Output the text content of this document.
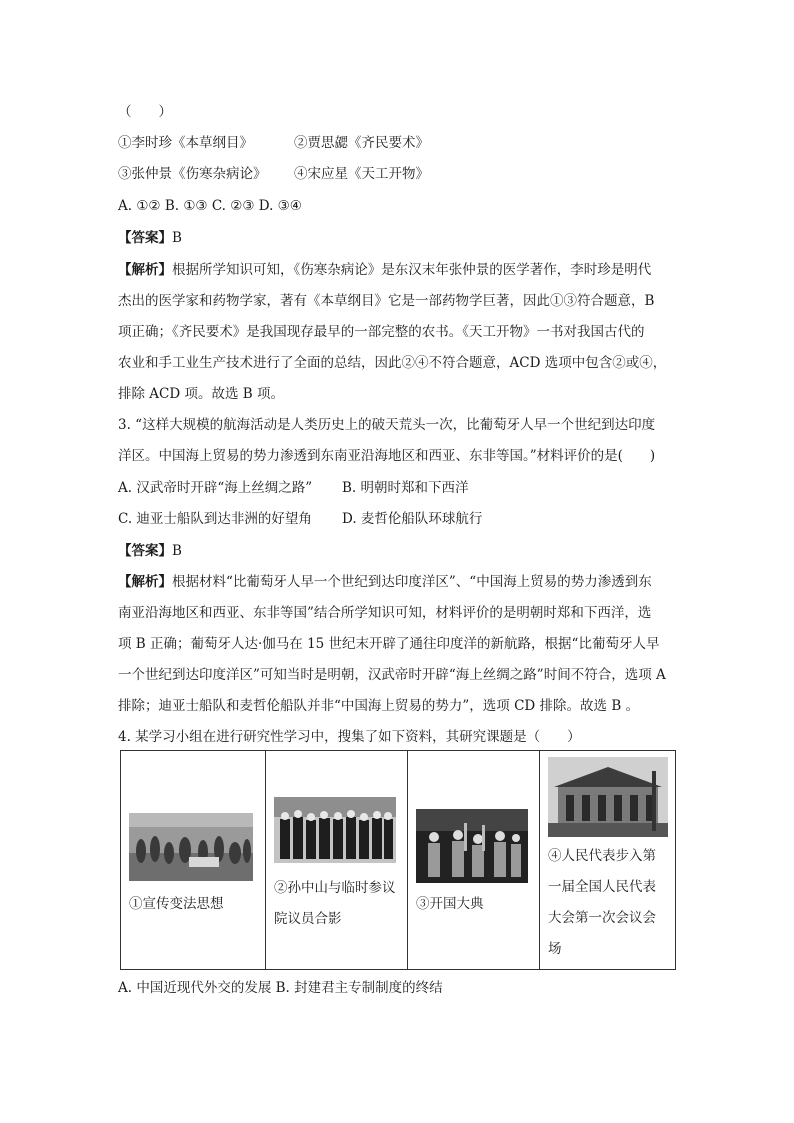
（　　）
①李时珍《本草纲目》	②贾思勰《齐民要术》
③张仲景《伤寒杂病论》 ④宋应星《天工开物》
A. ①② B. ①③ C. ②③ D. ③④
【答案】B
【解析】根据所学知识可知，《伤寒杂病论》是东汉末年张仲景的医学著作，李时珍是明代
杰出的医学家和药物学家，著有《本草纲目》它是一部药物学巨著，因此①③符合题意，B
项正确；《齐民要术》是我国现存最早的一部完整的农书。《天工开物》一书对我国古代的
农业和手工业生产技术进行了全面的总结，因此②④不符合题意，ACD 选项中包含②或④，
排除 ACD 项。故选 B 项。
3. “这样大规模的航海活动是人类历史上的破天荒头一次，比葡萄牙人早一个世纪到达印度
洋区。中国海上贸易的势力渗透到东南亚沿海地区和西亚、东非等国。”材料评价的是(　　)
A. 汉武帝时开辟“海上丝绸之路” B. 明朝时郑和下西洋
C. 迪亚士船队到达非洲的好望角 D. 麦哲伦船队环球航行
【答案】B
【解析】根据材料“比葡萄牙人早一个世纪到达印度洋区”、“中国海上贸易的势力渗透到东
南亚沿海地区和西亚、东非等国”结合所学知识可知，材料评价的是明朝时郑和下西洋，选
项 B 正确；葡萄牙人达·伽马在 15 世纪末开辟了通往印度洋的新航路，根据“比葡萄牙人早
一个世纪到达印度洋区”可知当时是明朝，汉武帝时开辟“海上丝绸之路”时间不符合，选项 A
排除；迪亚士船队和麦哲伦船队并非“中国海上贸易的势力”，选项 CD 排除。故选 B 。
4. 某学习小组在进行研究性学习中，搜集了如下资料，其研究课题是（　　）
①宣传变法思想

②孙中山与临时参议
院议员合影

③开国大典

④人民代表步入第
一届全国人民代表
大会第一次会议会
场
A. 中国近现代外交的发展 B. 封建君主专制制度的终结
